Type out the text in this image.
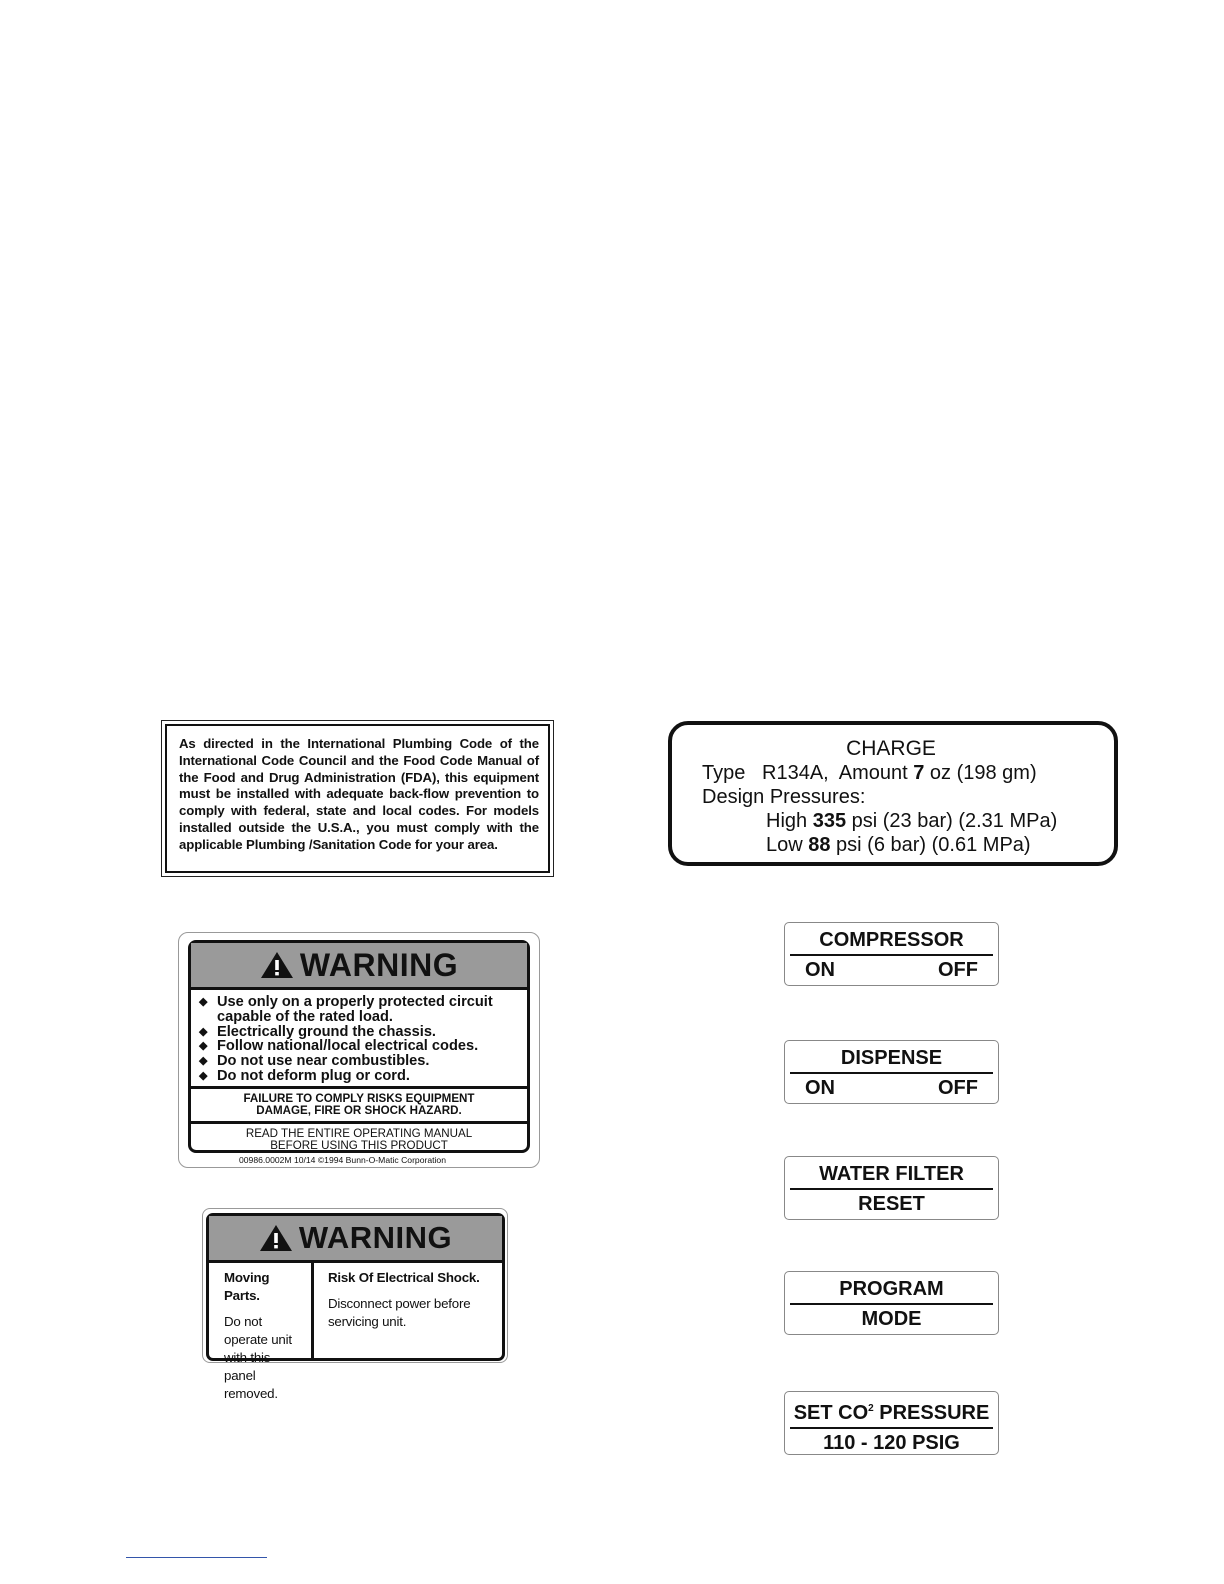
As directed in the International Plumbing Code of the International Code Council and the Food Code Manual of the Food and Drug Administration (FDA), this equipment must be installed with adequate back-flow prevention to comply with federal, state and local codes. For models installed outside the U.S.A., you must comply with the applicable Plumbing /Sanitation Code for your area.
CHARGE
Type   R134A,  Amount 7 oz (198 gm)
Design Pressures:
High 335 psi (23 bar) (2.31 MPa)
Low 88 psi (6 bar) (0.61 MPa)
WARNING
◆ Use only on a properly protected circuit capable of the rated load.
◆ Electrically ground the chassis.
◆ Follow national/local electrical codes.
◆ Do not use near combustibles.
◆ Do not deform plug or cord.
FAILURE TO COMPLY RISKS EQUIPMENT
DAMAGE, FIRE OR SHOCK HAZARD.
READ THE ENTIRE OPERATING MANUAL
BEFORE USING THIS PRODUCT
00986.0002M 10/14 ©1994 Bunn-O-Matic Corporation
WARNING
Moving Parts.
Do not operate unit with this panel removed.
Risk Of Electrical Shock.
Disconnect power before servicing unit.
COMPRESSOR
ON	OFF
DISPENSE
ON	OFF
WATER FILTER
RESET
PROGRAM
MODE
SET $CO^2$ PRESSURE
110 - 120 PSIG
